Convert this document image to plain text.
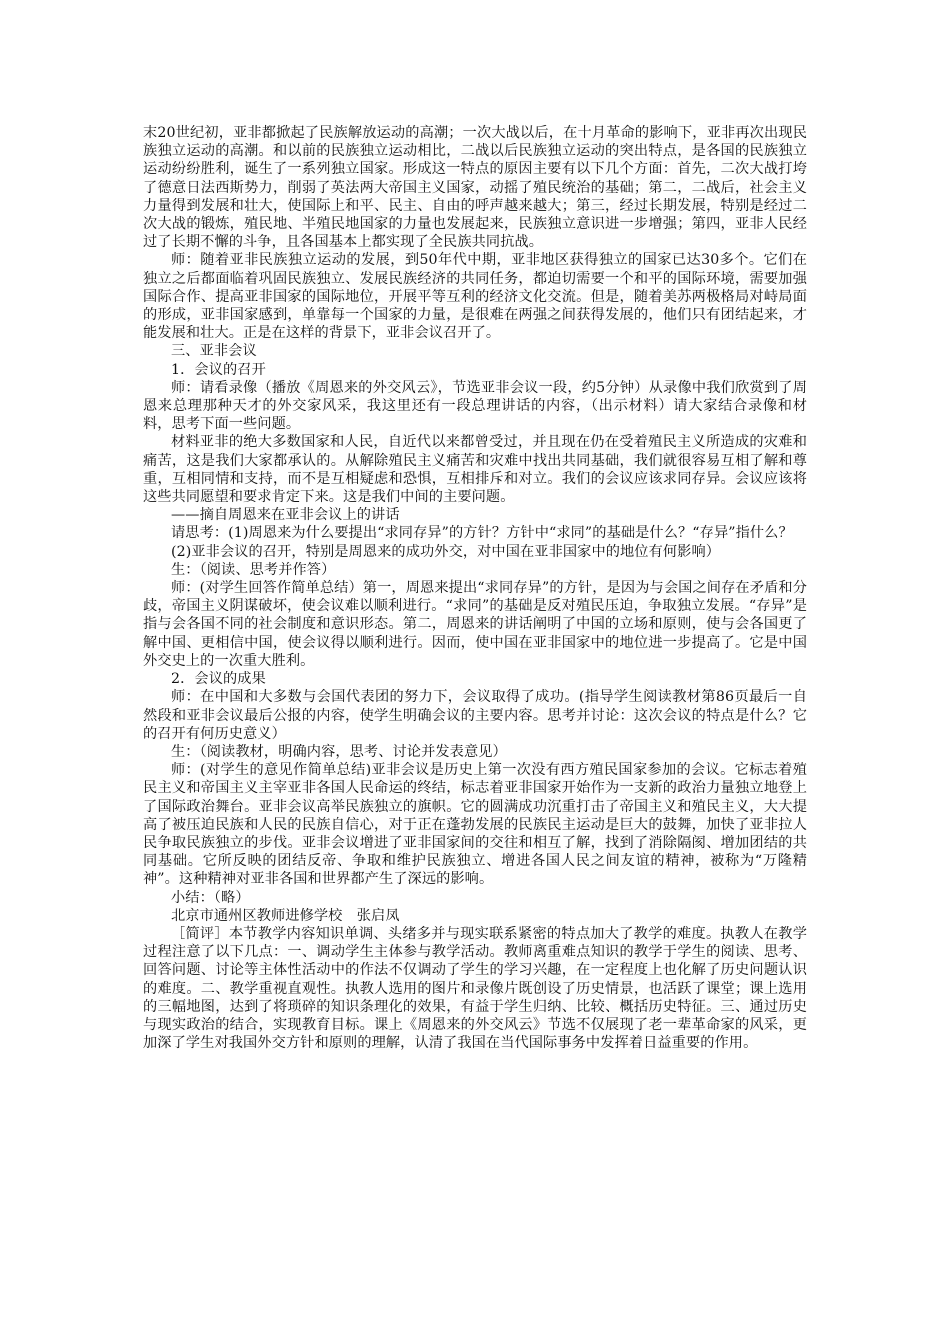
末20世纪初，亚非都掀起了民族解放运动的高潮；一次大战以后，在十月革命的影响下，亚非再次出现民族独立运动的高潮。和以前的民族独立运动相比，二战以后民族独立运动的突出特点，是各国的民族独立运动纷纷胜利，诞生了一系列独立国家。形成这一特点的原因主要有以下几个方面：首先，二次大战打垮了德意日法西斯势力，削弱了英法两大帝国主义国家，动摇了殖民统治的基础；第二，二战后，社会主义力量得到发展和壮大，使国际上和平、民主、自由的呼声越来越大；第三，经过长期发展，特别是经过二次大战的锻炼，殖民地、半殖民地国家的力量也发展起来，民族独立意识进一步增强；第四，亚非人民经过了长期不懈的斗争，且各国基本上都实现了全民族共同抗战。

师：随着亚非民族独立运动的发展，到50年代中期，亚非地区获得独立的国家已达30多个。它们在独立之后都面临着巩固民族独立、发展民族经济的共同任务，都迫切需要一个和平的国际环境，需要加强国际合作、提高亚非国家的国际地位，开展平等互利的经济文化交流。但是，随着美苏两极格局对峙局面的形成，亚非国家感到，单靠每一个国家的力量，是很难在两强之间获得发展的，他们只有团结起来，才能发展和壮大。正是在这样的背景下，亚非会议召开了。

三、亚非会议

1．会议的召开

师：请看录像（播放《周恩来的外交风云》，节选亚非会议一段，约5分钟）从录像中我们欣赏到了周恩来总理那种天才的外交家风采，我这里还有一段总理讲话的内容，（出示材料）请大家结合录像和材料，思考下面一些问题。

材料亚非的绝大多数国家和人民，自近代以来都曾受过，并且现在仍在受着殖民主义所造成的灾难和痛苦，这是我们大家都承认的。从解除殖民主义痛苦和灾难中找出共同基础，我们就很容易互相了解和尊重，互相同情和支持，而不是互相疑虑和恐惧，互相排斥和对立。我们的会议应该求同存异。会议应该将这些共同愿望和要求肯定下来。这是我们中间的主要问题。

——摘自周恩来在亚非会议上的讲话

请思考：(1)周恩来为什么要提出“求同存异”的方针？方针中“求同”的基础是什么？“存异”指什么？

(2)亚非会议的召开，特别是周恩来的成功外交，对中国在亚非国家中的地位有何影响）

生：（阅读、思考并作答）

师：(对学生回答作简单总结）第一，周恩来提出“求同存异”的方针，是因为与会国之间存在矛盾和分歧，帝国主义阴谋破坏，使会议难以顺利进行。“求同”的基础是反对殖民压迫，争取独立发展。“存异”是指与会各国不同的社会制度和意识形态。第二，周恩来的讲话阐明了中国的立场和原则，使与会各国更了解中国、更相信中国，使会议得以顺利进行。因而，使中国在亚非国家中的地位进一步提高了。它是中国外交史上的一次重大胜利。

2．会议的成果

师：在中国和大多数与会国代表团的努力下，会议取得了成功。(指导学生阅读教材第86页最后一自然段和亚非会议最后公报的内容，使学生明确会议的主要内容。思考并讨论：这次会议的特点是什么？它的召开有何历史意义）

生：（阅读教材，明确内容，思考、讨论并发表意见）

师：(对学生的意见作简单总结)亚非会议是历史上第一次没有西方殖民国家参加的会议。它标志着殖民主义和帝国主义主宰亚非各国人民命运的终结，标志着亚非国家开始作为一支新的政治力量独立地登上了国际政治舞台。亚非会议高举民族独立的旗帜。它的圆满成功沉重打击了帝国主义和殖民主义，大大提高了被压迫民族和人民的民族自信心，对于正在蓬勃发展的民族民主运动是巨大的鼓舞，加快了亚非拉人民争取民族独立的步伐。亚非会议增进了亚非国家间的交往和相互了解，找到了消除隔阂、增加团结的共同基础。它所反映的团结反帝、争取和维护民族独立、增进各国人民之间友谊的精神，被称为“万隆精神”。这种精神对亚非各国和世界都产生了深远的影响。

小结：（略）

北京市通州区教师进修学校　张启凤

［简评］本节教学内容知识单调、头绪多并与现实联系紧密的特点加大了教学的难度。执教人在教学过程注意了以下几点：一、调动学生主体参与教学活动。教师离重难点知识的教学于学生的阅读、思考、回答问题、讨论等主体性活动中的作法不仅调动了学生的学习兴趣，在一定程度上也化解了历史问题认识的难度。二、教学重视直观性。执教人选用的图片和录像片既创设了历史情景，也活跃了课堂；课上选用的三幅地图，达到了将琐碎的知识条理化的效果，有益于学生归纳、比较、概括历史特征。三、通过历史与现实政治的结合，实现教育目标。课上《周恩来的外交风云》节选不仅展现了老一辈革命家的风采，更加深了学生对我国外交方针和原则的理解，认清了我国在当代国际事务中发挥着日益重要的作用。
